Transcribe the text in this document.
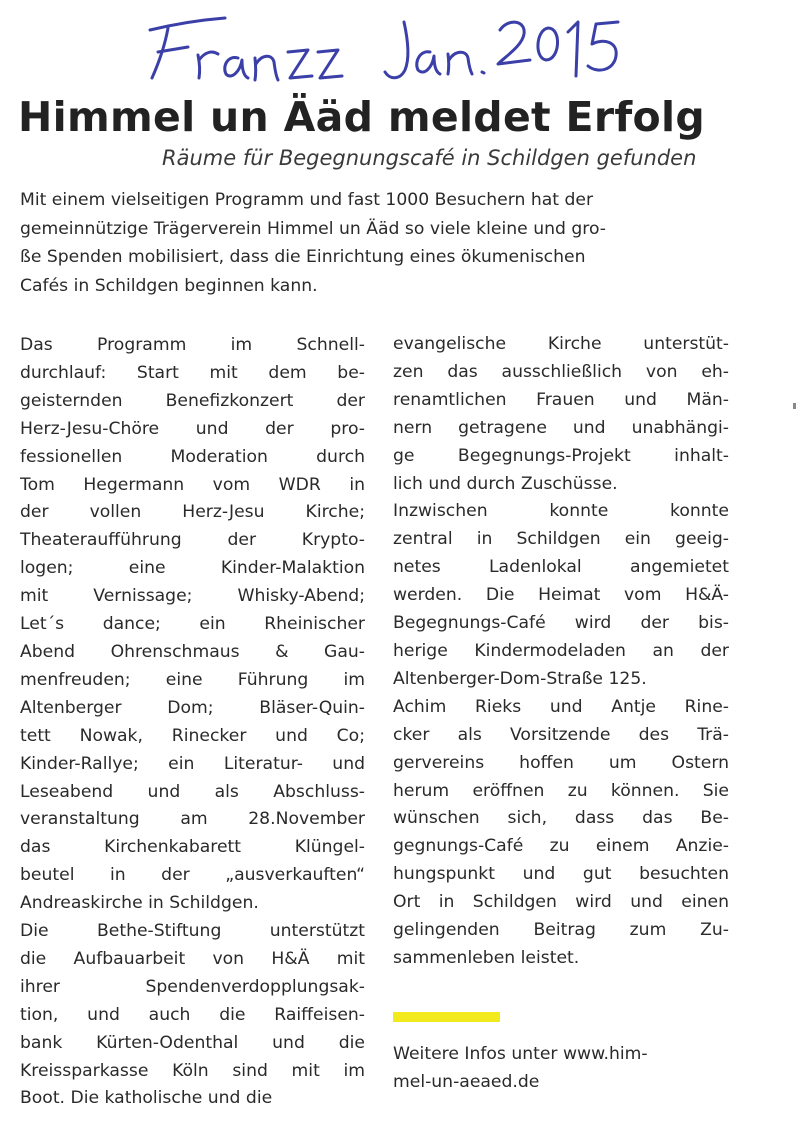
Himmel un Ääd meldet Erfolg
Räume für Begegnungscafé in Schildgen gefunden
Mit einem vielseitigen Programm und fast 1000 Besuchern hat der
gemeinnützige Trägerverein Himmel un Ääd so viele kleine und gro-
ße Spenden mobilisiert, dass die Einrichtung eines ökumenischen
Cafés in Schildgen beginnen kann.
Das Programm im Schnell-
durchlauf: Start mit dem be-
geisternden Benefizkonzert der
Herz-Jesu-Chöre und der pro-
fessionellen Moderation durch
Tom Hegermann vom WDR in
der vollen Herz-Jesu Kirche;
Theateraufführung der Krypto-
logen; eine Kinder-Malaktion
mit Vernissage; Whisky-Abend;
Let´s dance; ein Rheinischer
Abend Ohrenschmaus & Gau-
menfreuden; eine Führung im
Altenberger Dom; Bläser-Quin-
tett Nowak, Rinecker und Co;
Kinder-Rallye; ein Literatur- und
Leseabend und als Abschluss-
veranstaltung am 28.November
das Kirchenkabarett Klüngel-
beutel in der „ausverkauften“
Andreaskirche in Schildgen.
Die Bethe-Stiftung unterstützt
die Aufbauarbeit von H&Ä mit
ihrer Spendenverdopplungsak-
tion, und auch die Raiffeisen-
bank Kürten-Odenthal und die
Kreissparkasse Köln sind mit im
Boot. Die katholische und die
evangelische Kirche unterstüt-
zen das ausschließlich von eh-
renamtlichen Frauen und Män-
nern getragene und unabhängi-
ge Begegnungs-Projekt inhalt-
lich und durch Zuschüsse.
Inzwischen konnte konnte
zentral in Schildgen ein geeig-
netes Ladenlokal angemietet
werden. Die Heimat vom H&Ä-
Begegnungs-Café wird der bis-
herige Kindermodeladen an der
Altenberger-Dom-Straße 125.
Achim Rieks und Antje Rine-
cker als Vorsitzende des Trä-
gervereins hoffen um Ostern
herum eröffnen zu können. Sie
wünschen sich, dass das Be-
gegnungs-Café zu einem Anzie-
hungspunkt und gut besuchten
Ort in Schildgen wird und einen
gelingenden Beitrag zum Zu-
sammenleben leistet.
Weitere Infos unter www.him-
mel-un-aeaed.de
